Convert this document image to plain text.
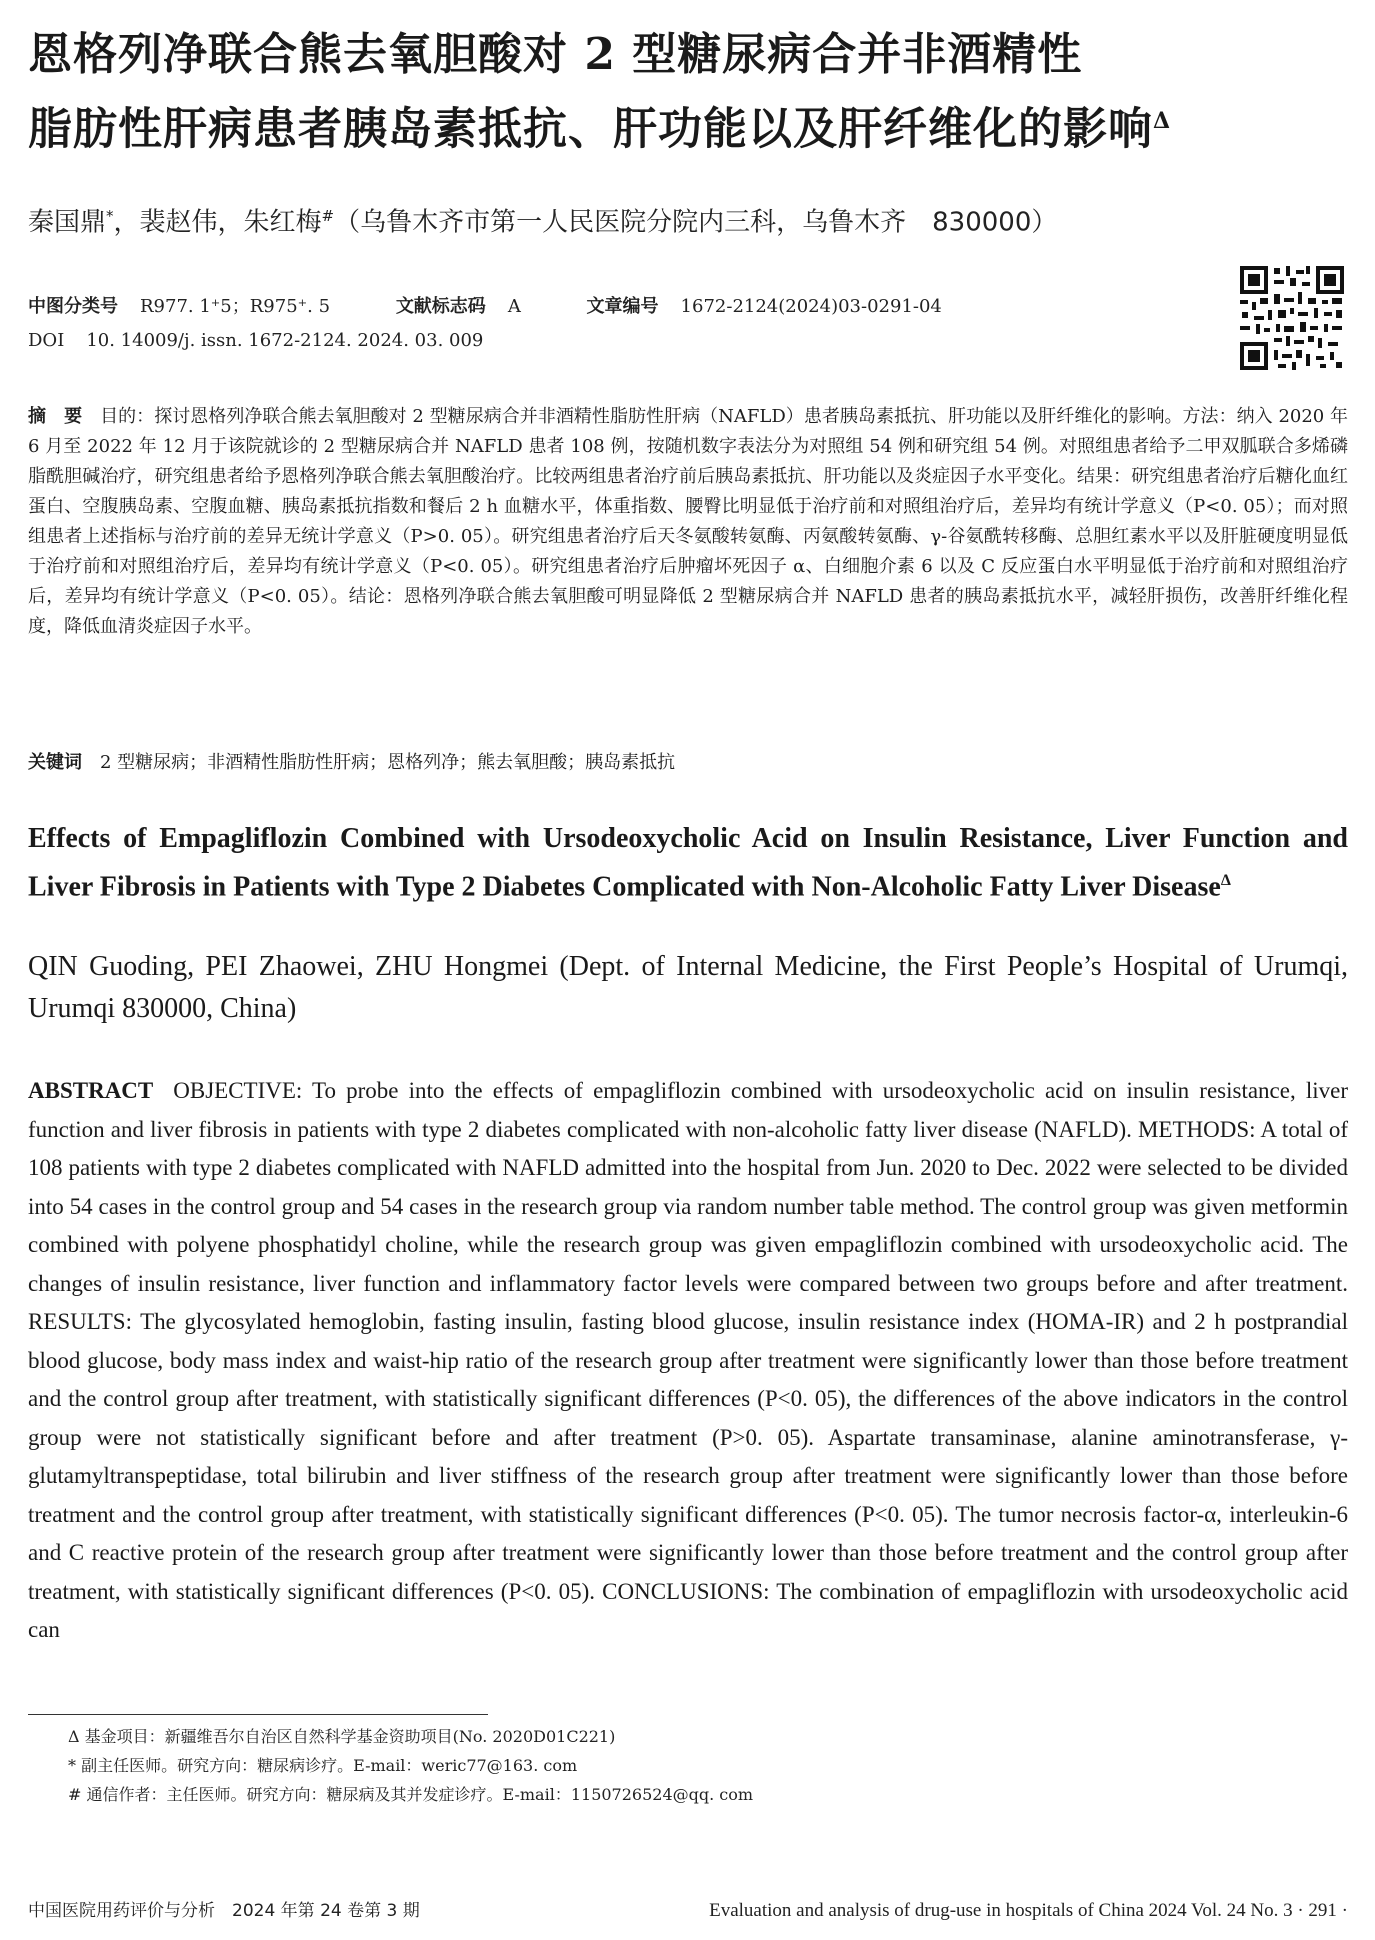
恩格列净联合熊去氧胆酸对 2 型糖尿病合并非酒精性
脂肪性肝病患者胰岛素抵抗、肝功能以及肝纤维化的影响$^\Delta$
秦国鼎*，裴赵伟，朱红梅#（乌鲁木齐市第一人民医院分院内三科，乌鲁木齐　830000）
中图分类号 R977. 1⁺5；R975⁺. 5	文献标志码 A	文章编号 1672-2124(2024)03-0291-04
DOI 10. 14009/j. issn. 1672-2124. 2024. 03. 009
摘　要 目的：探讨恩格列净联合熊去氧胆酸对 2 型糖尿病合并非酒精性脂肪性肝病（NAFLD）患者胰岛素抵抗、肝功能以及肝纤维化的影响。方法：纳入 2020 年 6 月至 2022 年 12 月于该院就诊的 2 型糖尿病合并 NAFLD 患者 108 例，按随机数字表法分为对照组 54 例和研究组 54 例。对照组患者给予二甲双胍联合多烯磷脂酰胆碱治疗，研究组患者给予恩格列净联合熊去氧胆酸治疗。比较两组患者治疗前后胰岛素抵抗、肝功能以及炎症因子水平变化。结果：研究组患者治疗后糖化血红蛋白、空腹胰岛素、空腹血糖、胰岛素抵抗指数和餐后 2 h 血糖水平，体重指数、腰臀比明显低于治疗前和对照组治疗后，差异均有统计学意义（P<0. 05）；而对照组患者上述指标与治疗前的差异无统计学意义（P>0. 05）。研究组患者治疗后天冬氨酸转氨酶、丙氨酸转氨酶、γ-谷氨酰转移酶、总胆红素水平以及肝脏硬度明显低于治疗前和对照组治疗后，差异均有统计学意义（P<0. 05）。研究组患者治疗后肿瘤坏死因子 α、白细胞介素 6 以及 C 反应蛋白水平明显低于治疗前和对照组治疗后，差异均有统计学意义（P<0. 05）。结论：恩格列净联合熊去氧胆酸可明显降低 2 型糖尿病合并 NAFLD 患者的胰岛素抵抗水平，减轻肝损伤，改善肝纤维化程度，降低血清炎症因子水平。
关键词 2 型糖尿病；非酒精性脂肪性肝病；恩格列净；熊去氧胆酸；胰岛素抵抗
Effects of Empagliflozin Combined with Ursodeoxycholic Acid on Insulin Resistance, Liver Function and Liver Fibrosis in Patients with Type 2 Diabetes Complicated with Non-Alcoholic Fatty Liver Disease$^\Delta$
QIN Guoding, PEI Zhaowei, ZHU Hongmei (Dept. of Internal Medicine, the First People’s Hospital of Urumqi, Urumqi 830000, China)
ABSTRACT OBJECTIVE: To probe into the effects of empagliflozin combined with ursodeoxycholic acid on insulin resistance, liver function and liver fibrosis in patients with type 2 diabetes complicated with non-alcoholic fatty liver disease (NAFLD). METHODS: A total of 108 patients with type 2 diabetes complicated with NAFLD admitted into the hospital from Jun. 2020 to Dec. 2022 were selected to be divided into 54 cases in the control group and 54 cases in the research group via random number table method. The control group was given metformin combined with polyene phosphatidyl choline, while the research group was given empagliflozin combined with ursodeoxycholic acid. The changes of insulin resistance, liver function and inflammatory factor levels were compared between two groups before and after treatment. RESULTS: The glycosylated hemoglobin, fasting insulin, fasting blood glucose, insulin resistance index (HOMA-IR) and 2 h postprandial blood glucose, body mass index and waist-hip ratio of the research group after treatment were significantly lower than those before treatment and the control group after treatment, with statistically significant differences (P<0. 05), the differences of the above indicators in the control group were not statistically significant before and after treatment (P>0. 05). Aspartate transaminase, alanine aminotransferase, γ-glutamyltranspeptidase, total bilirubin and liver stiffness of the research group after treatment were significantly lower than those before treatment and the control group after treatment, with statistically significant differences (P<0. 05). The tumor necrosis factor-α, interleukin-6 and C reactive protein of the research group after treatment were significantly lower than those before treatment and the control group after treatment, with statistically significant differences (P<0. 05). CONCLUSIONS: The combination of empagliflozin with ursodeoxycholic acid can
Δ 基金项目：新疆维吾尔自治区自然科学基金资助项目(No. 2020D01C221)
* 副主任医师。研究方向：糖尿病诊疗。E-mail：weric77@163. com
# 通信作者：主任医师。研究方向：糖尿病及其并发症诊疗。E-mail：1150726524@qq. com
中国医院用药评价与分析　2024 年第 24 卷第 3 期	Evaluation and analysis of drug-use in hospitals of China 2024 Vol. 24 No. 3 · 291 ·
